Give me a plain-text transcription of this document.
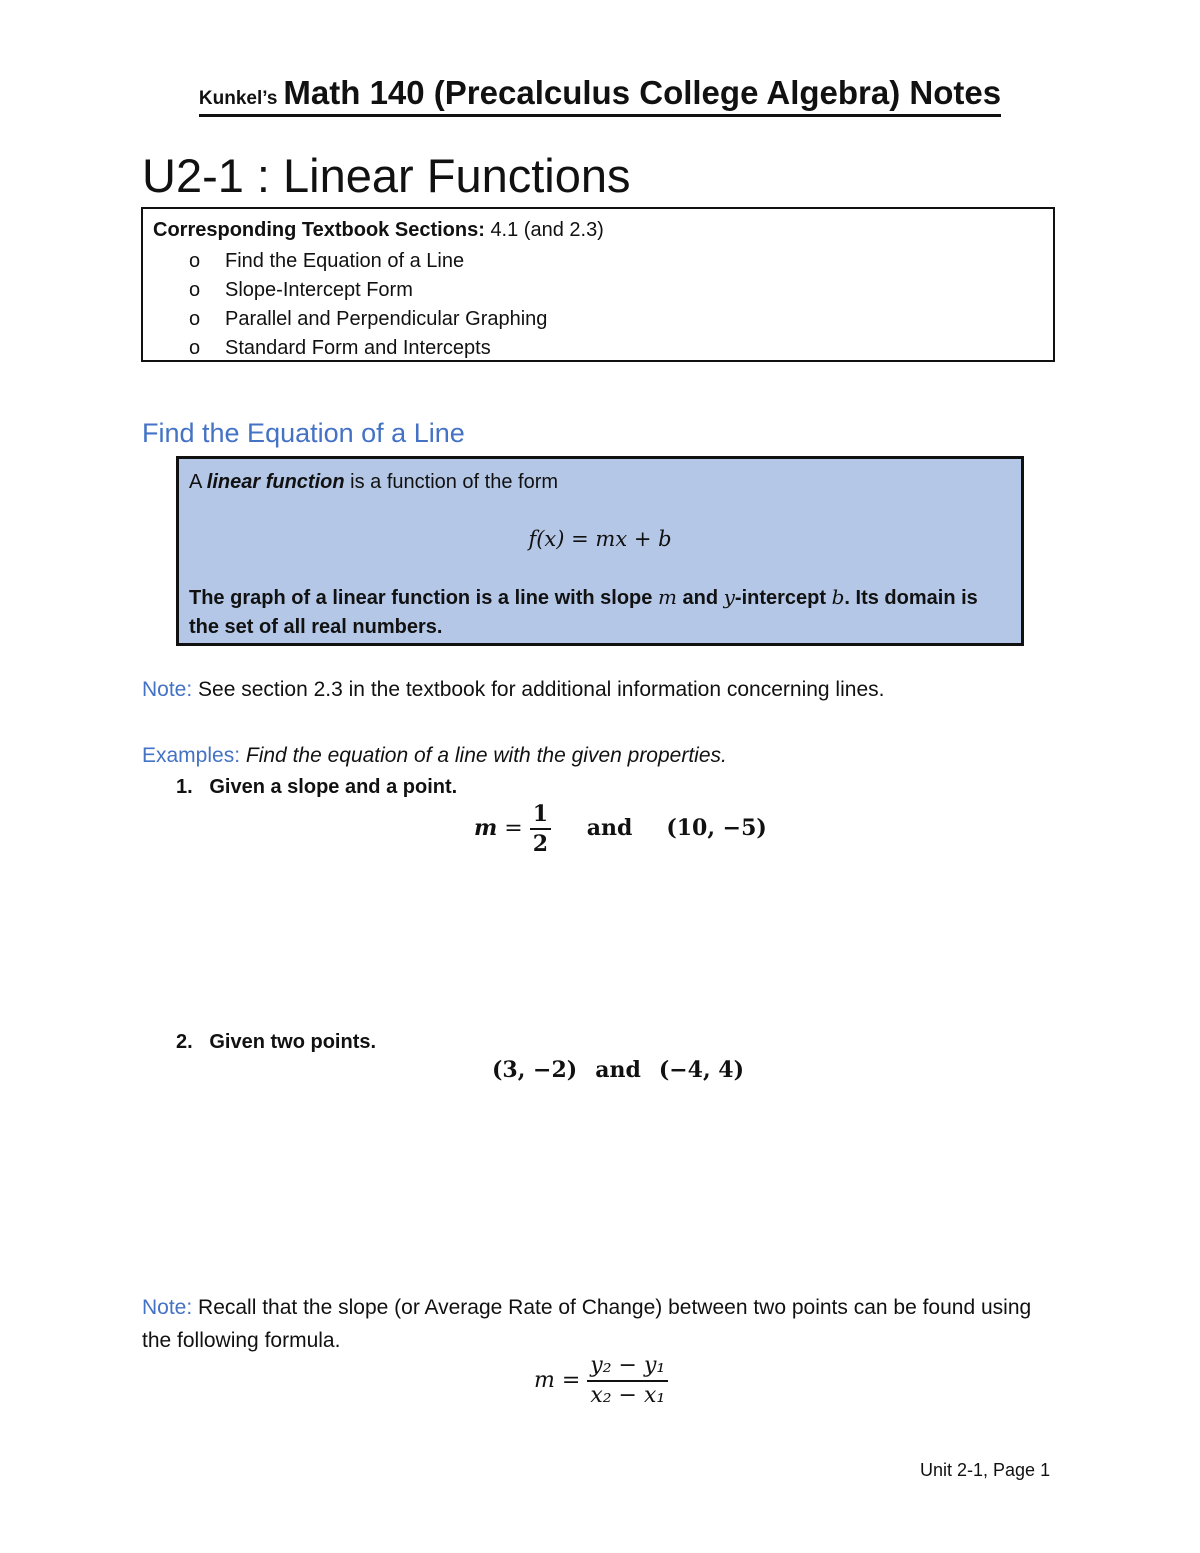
Kunkel’s Math 140 (Precalculus College Algebra) Notes
U2-1 : Linear Functions
Corresponding Textbook Sections: 4.1 (and 2.3)
o Find the Equation of a Line
o Slope-Intercept Form
o Parallel and Perpendicular Graphing
o Standard Form and Intercepts
Find the Equation of a Line
A linear function is a function of the form
f(x) = mx + b
The graph of a linear function is a line with slope m and y-intercept b. Its domain is the set of all real numbers.
Note: See section 2.3 in the textbook for additional information concerning lines.
Examples: Find the equation of a line with the given properties.
1. Given a slope and a point.
$m = \frac{1}{2}$ and (10, −5)
2. Given two points.
(3, −2) and (−4, 4)
Note: Recall that the slope (or Average Rate of Change) between two points can be found using the following formula.
$m = \frac{\text{y₂ − y₁}}{\text{x₂ − x₁}}$
Unit 2-1, Page 1
